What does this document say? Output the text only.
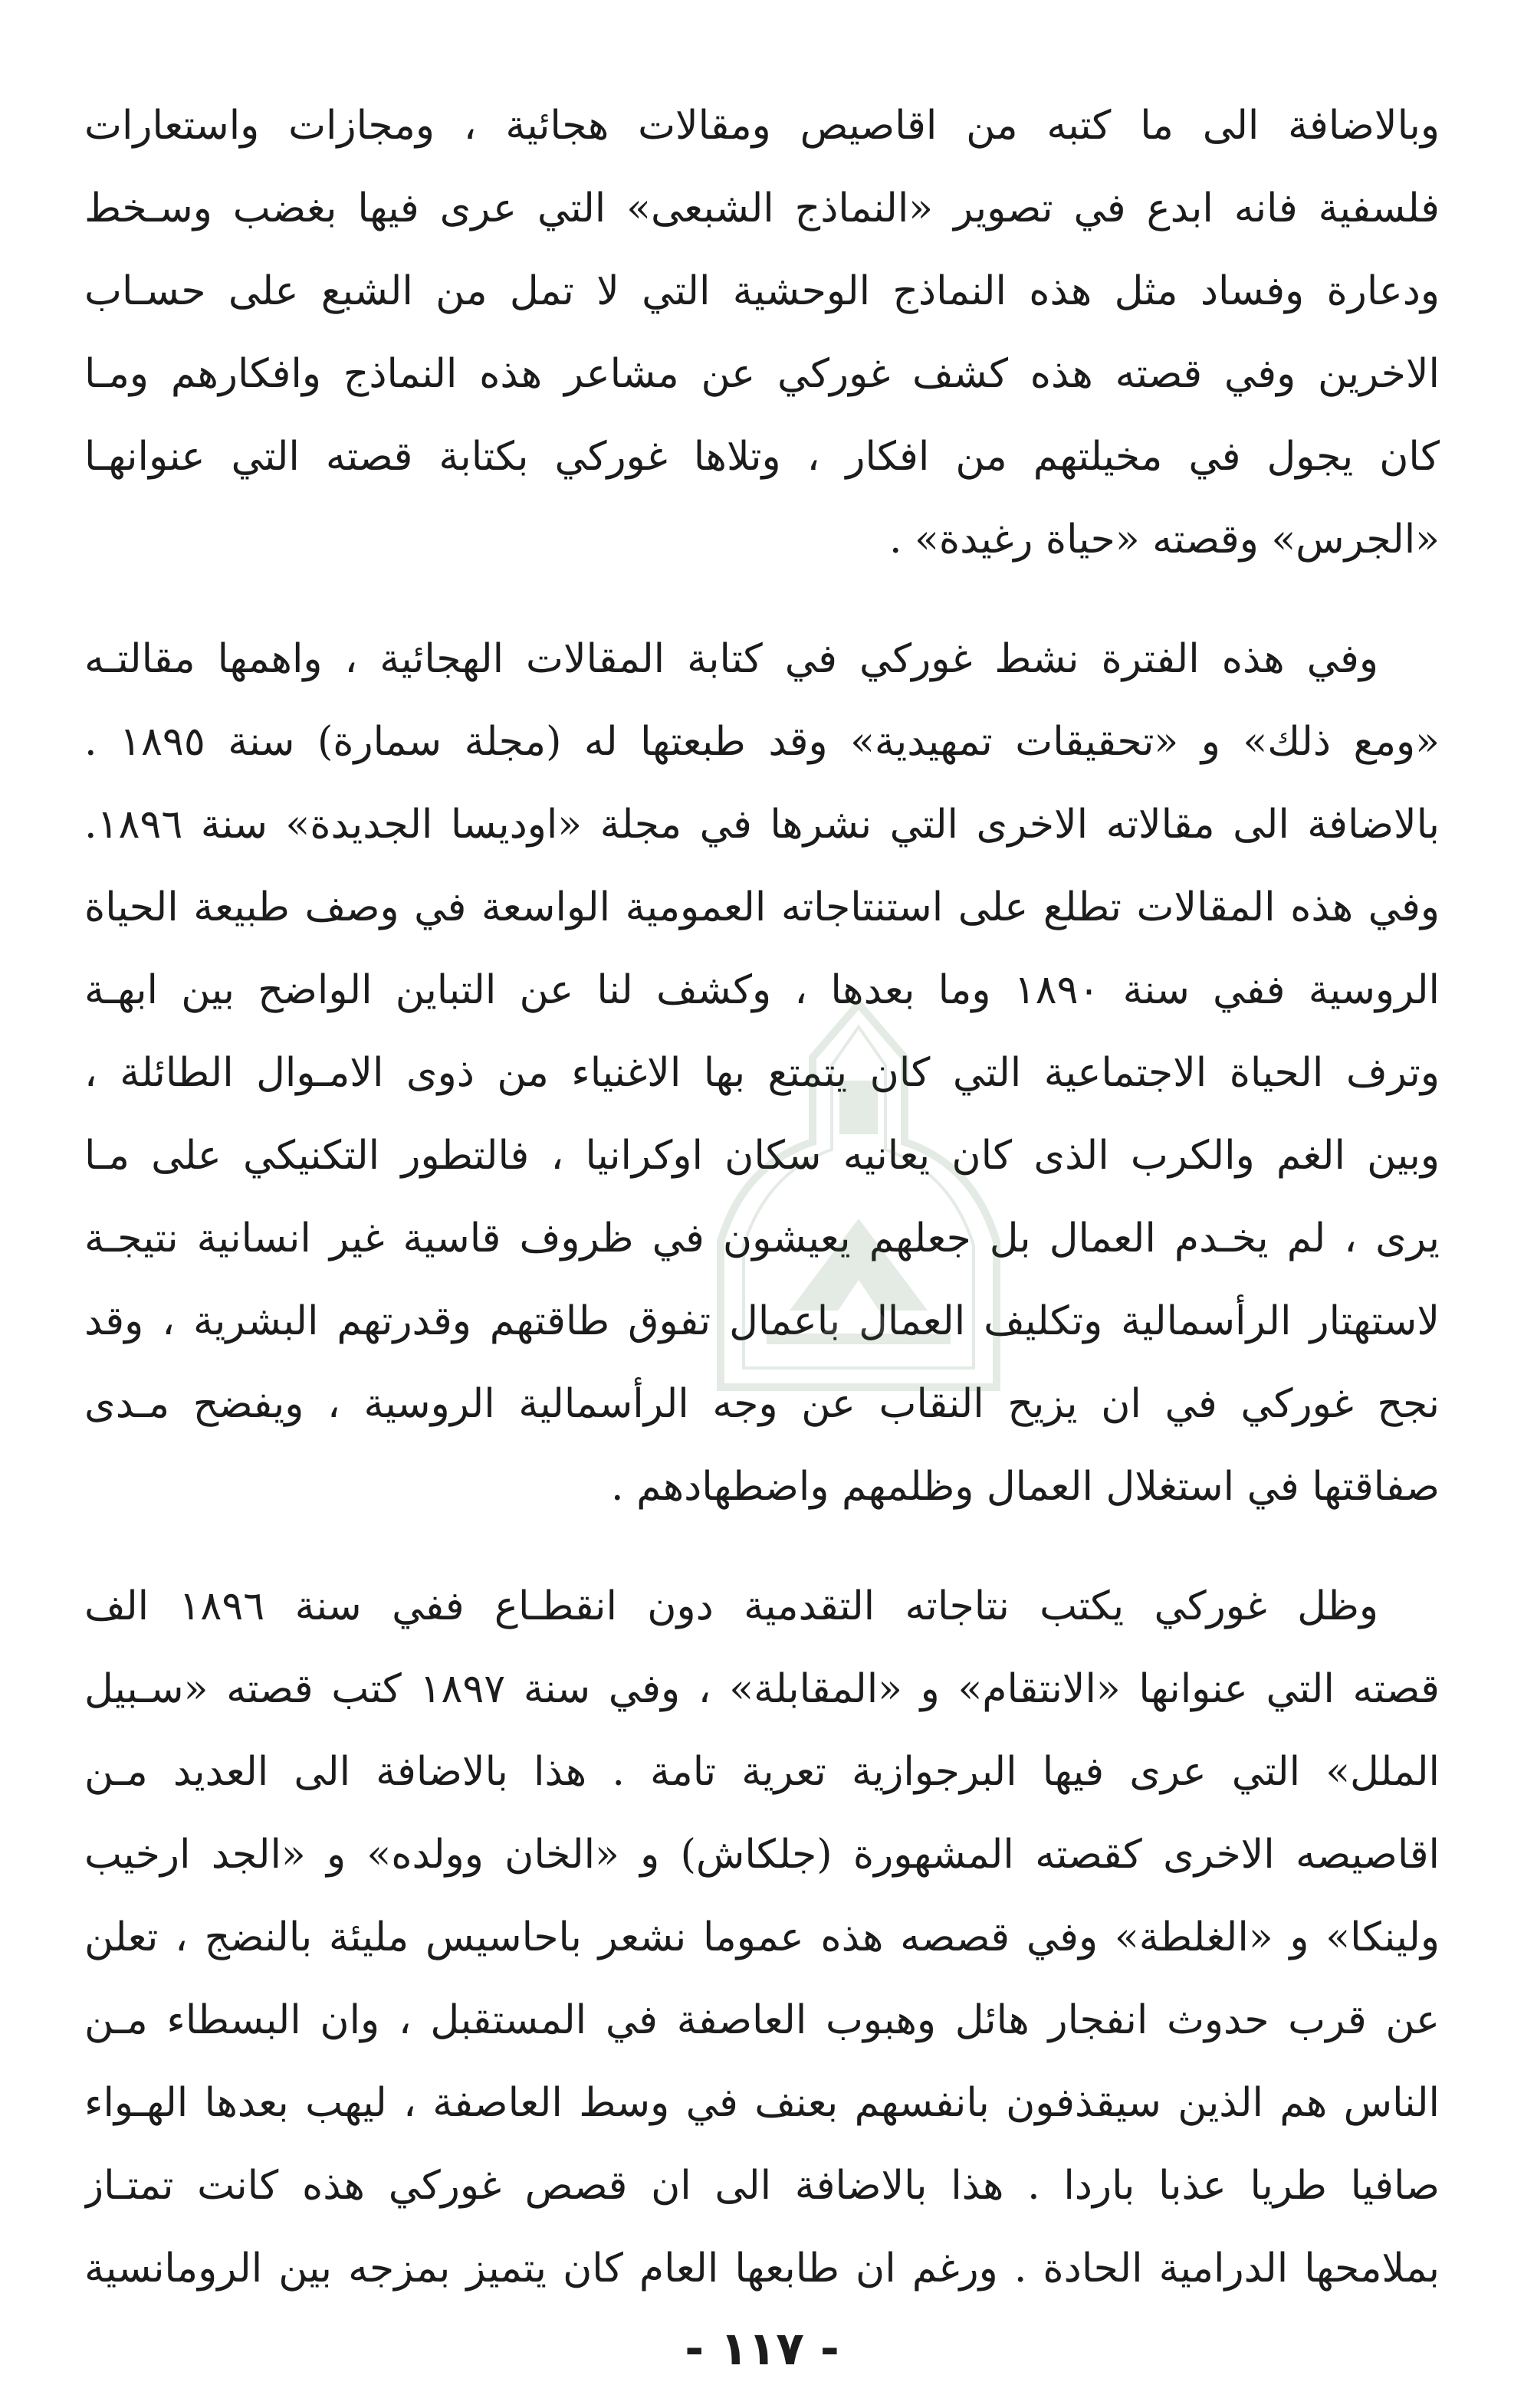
وبالاضافة الى ما كتبه من اقاصيص ومقالات هجائية ، ومجازات واستعارات
فلسفية فانه ابدع في تصوير «النماذج الشبعى» التي عرى فيها بغضب وسـخط
ودعارة وفساد مثل هذه النماذج الوحشية التي لا تمل من الشبع على حسـاب
الاخرين وفي قصته هذه كشف غوركي عن مشاعر هذه النماذج وافكارهم ومـا
كان يجول في مخيلتهم من افكار ، وتلاها غوركي بكتابة قصته التي عنوانهـا
«الجرس» وقصته «حياة رغيدة» .

وفي هذه الفترة نشط غوركي في كتابة المقالات الهجائية ، واهمها مقالتـه
«ومع ذلك» و «تحقيقات تمهيدية» وقد طبعتها له (مجلة سمارة) سنة ١٨٩٥ .
بالاضافة الى مقالاته الاخرى التي نشرها في مجلة «اوديسا الجديدة» سنة ١٨٩٦.
وفي هذه المقالات تطلع على استنتاجاته العمومية الواسعة في وصف طبيعة الحياة
الروسية ففي سنة ١٨٩٠ وما بعدها ، وكشف لنا عن التباين الواضح بين ابهـة
وترف الحياة الاجتماعية التي كان يتمتع بها الاغنياء من ذوى الامـوال الطائلة ،
وبين الغم والكرب الذى كان يعانيه سكان اوكرانيا ، فالتطور التكنيكي على مـا
يرى ، لم يخـدم العمال بل جعلهم يعيشون في ظروف قاسية غير انسانية نتيجـة
لاستهتار الرأسمالية وتكليف العمال باعمال تفوق طاقتهم وقدرتهم البشرية ، وقد
نجح غوركي في ان يزيح النقاب عن وجه الرأسمالية الروسية ، ويفضح مـدى
صفاقتها في استغلال العمال وظلمهم واضطهادهم .

وظل غوركي يكتب نتاجاته التقدمية دون انقطـاع ففي سنة ١٨٩٦ الف
قصته التي عنوانها «الانتقام» و «المقابلة» ، وفي سنة ١٨٩٧ كتب قصته «سـبيل
الملل» التي عرى فيها البرجوازية تعرية تامة . هذا بالاضافة الى العديد مـن
اقاصيصه الاخرى كقصته المشهورة (جلكاش) و «الخان وولده» و «الجد ارخيب
ولينكا» و «الغلطة» وفي قصصه هذه عموما نشعر باحاسيس مليئة بالنضج ، تعلن
عن قرب حدوث انفجار هائل وهبوب العاصفة في المستقبل ، وان البسطاء مـن
الناس هم الذين سيقذفون بانفسهم بعنف في وسط العاصفة ، ليهب بعدها الهـواء
صافيا طريا عذبا باردا . هذا بالاضافة الى ان قصص غوركي هذه كانت تمتـاز
بملامحها الدرامية الحادة . ورغم ان طابعها العام كان يتميز بمزجه بين الرومانسية

- ١١٧ -
